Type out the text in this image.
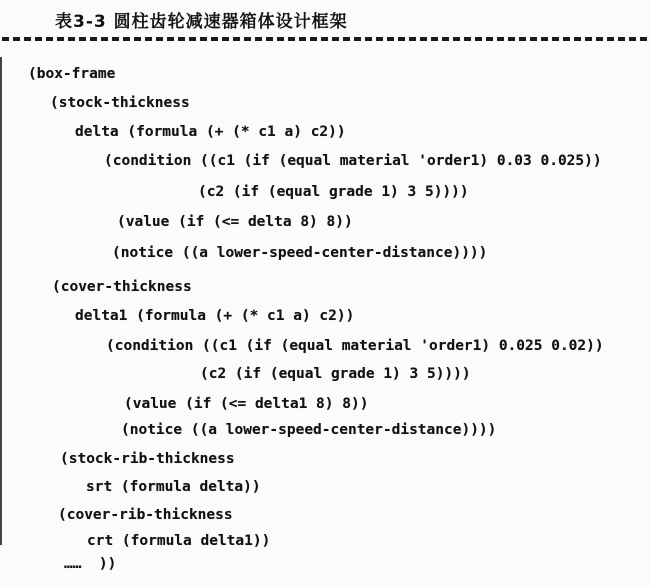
表3-3 圆柱齿轮减速器箱体设计框架
(box-frame
(stock-thickness
delta (formula (+ (* c1 a) c2))
(condition ((c1 (if (equal material 'order1) 0.03 0.025))
(c2 (if (equal grade 1) 3 5))))
(value (if (<= delta 8) 8))
(notice ((a lower-speed-center-distance))))
(cover-thickness
delta1 (formula (+ (* c1 a) c2))
(condition ((c1 (if (equal material 'order1) 0.025 0.02))
(c2 (if (equal grade 1) 3 5))))
(value (if (<= delta1 8) 8))
(notice ((a lower-speed-center-distance))))
(stock-rib-thickness
srt (formula delta))
(cover-rib-thickness
crt (formula delta1))
……  ))
